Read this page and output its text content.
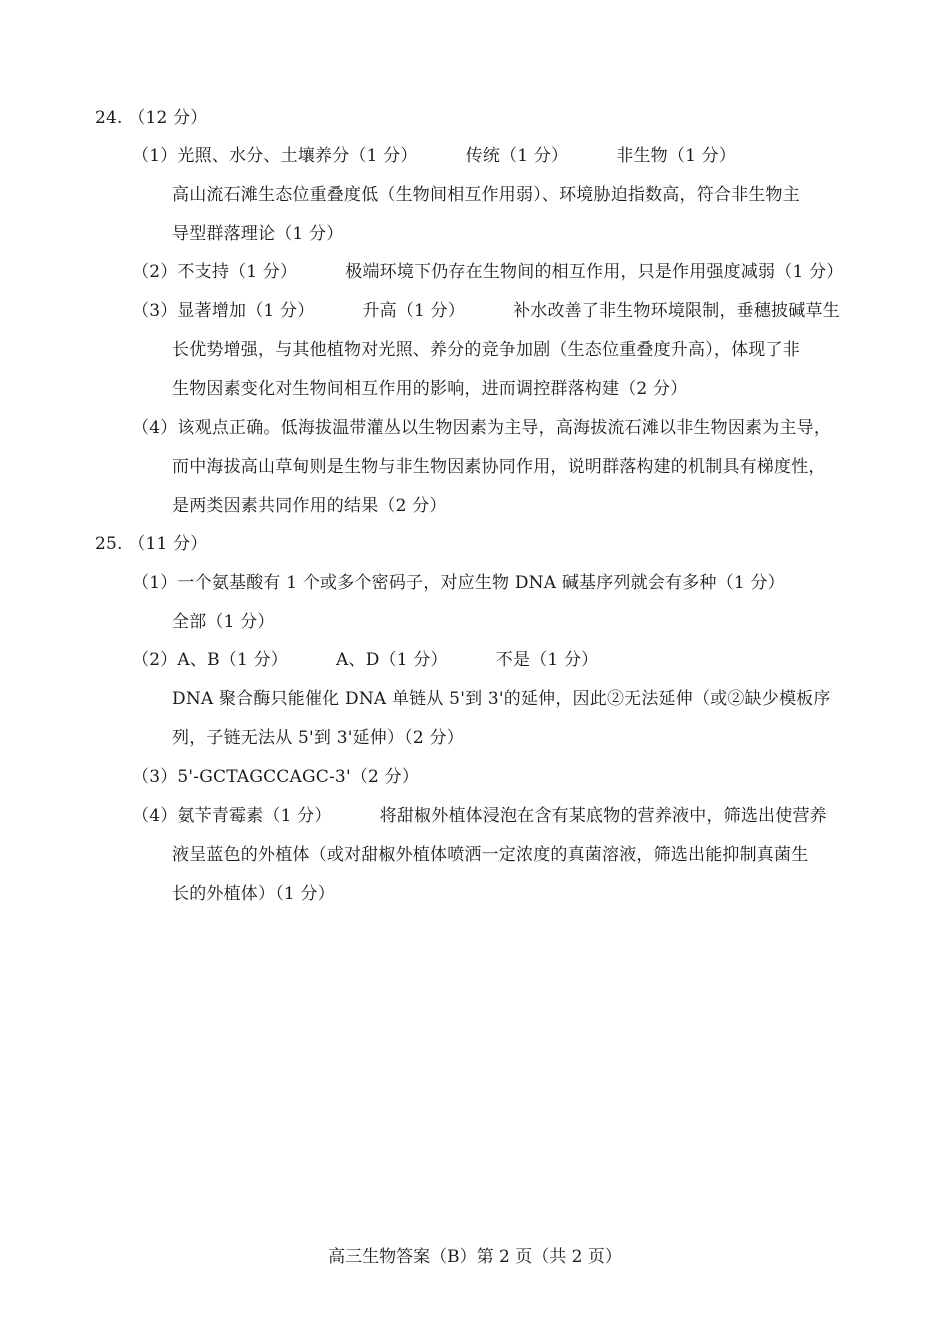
24. （12 分）
（1）光照、水分、土壤养分（1 分）	传统（1 分）	非生物（1 分）
高山流石滩生态位重叠度低（生物间相互作用弱）、环境胁迫指数高，符合非生物主
导型群落理论（1 分）
（2）不支持（1 分）	极端环境下仍存在生物间的相互作用，只是作用强度减弱（1 分）
（3）显著增加（1 分）	升高（1 分）	补水改善了非生物环境限制，垂穗披碱草生
长优势增强，与其他植物对光照、养分的竞争加剧（生态位重叠度升高），体现了非
生物因素变化对生物间相互作用的影响，进而调控群落构建（2 分）
（4）该观点正确。低海拔温带灌丛以生物因素为主导，高海拔流石滩以非生物因素为主导，
而中海拔高山草甸则是生物与非生物因素协同作用，说明群落构建的机制具有梯度性，
是两类因素共同作用的结果（2 分）
25. （11 分）
（1）一个氨基酸有 1 个或多个密码子，对应生物 DNA 碱基序列就会有多种（1 分）
全部（1 分）
（2）A、B（1 分）	A、D（1 分）	不是（1 分）
DNA 聚合酶只能催化 DNA 单链从 5'到 3'的延伸，因此②无法延伸（或②缺少模板序
列，子链无法从 5'到 3'延伸）（2 分）
（3）5'-GCTAGCCAGC-3'（2 分）
（4）氨苄青霉素（1 分）	将甜椒外植体浸泡在含有某底物的营养液中，筛选出使营养
液呈蓝色的外植体（或对甜椒外植体喷洒一定浓度的真菌溶液，筛选出能抑制真菌生
长的外植体）（1 分）
高三生物答案（B）第 2 页（共 2 页）
